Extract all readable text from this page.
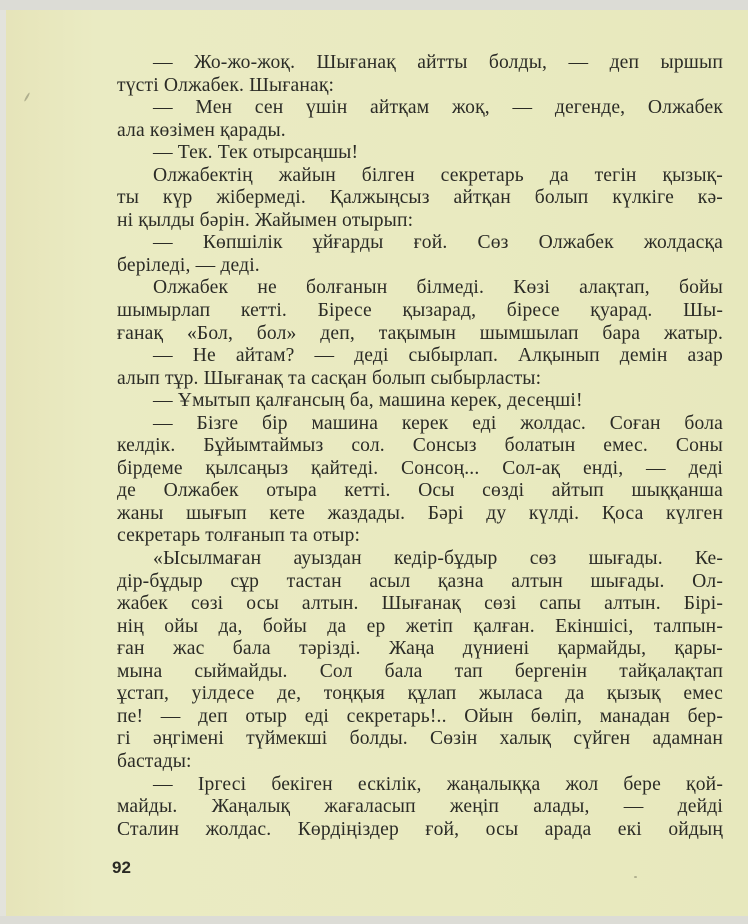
— Жо-жо-жоқ. Шығанақ айтты болды, — деп ыршып
түсті Олжабек. Шығанақ:
— Мен сен үшін айтқам жоқ, — дегенде, Олжабек
ала көзімен қарады.
— Тек. Тек отырсаңшы!
Олжабектің жайын білген секретарь да тегін қызық-
ты күр жібермеді. Қалжыңсыз айтқан болып күлкіге кә-
ні қылды бәрін. Жайымен отырып:
— Көпшілік ұйғарды ғой. Сөз Олжабек жолдасқа
беріледі, — деді.
Олжабек не болғанын білмеді. Көзі алақтап, бойы
шымырлап кетті. Біресе қызарад, біресе қуарад. Шы-
ғанақ «Бол, бол» деп, тақымын шымшылап бара жатыр.
— Не айтам? — деді сыбырлап. Алқынып демін азар
алып тұр. Шығанақ та сасқан болып сыбырласты:
— Ұмытып қалғансың ба, машина керек, десеңші!
— Бізге бір машина керек еді жолдас. Соған бола
келдік. Бұйымтаймыз сол. Сонсыз болатын емес. Соны
бірдеме қылсаңыз қайтеді. Сонсоң... Сол-ақ енді, — деді
де Олжабек отыра кетті. Осы сөзді айтып шыққанша
жаны шығып кете жаздады. Бәрі ду күлді. Қоса күлген
секретарь толғанып та отыр:
«Ысылмаған ауыздан кедір-бұдыр сөз шығады. Ке-
дір-бұдыр сұр тастан асыл қазна алтын шығады. Ол-
жабек сөзі осы алтын. Шығанақ сөзі сапы алтын. Бірі-
нің ойы да, бойы да ер жетіп қалған. Екіншісі, талпын-
ған жас бала тәрізді. Жаңа дүниені қармайды, қары-
мына сыймайды. Сол бала тап бергенін тайқалақтап
ұстап, уілдесе де, тоңқыя құлап жыласа да қызық емес
пе! — деп отыр еді секретарь!.. Ойын бөліп, манадан бер-
гі әңгімені түймекші болды. Сөзін халық сүйген адамнан
бастады:
— Іргесі бекіген ескілік, жаңалыққа жол бере қой-
майды. Жаңалық жағаласып жеңіп алады, — дейді
Сталин жолдас. Көрдіңіздер ғой, осы арада екі ойдың
92
